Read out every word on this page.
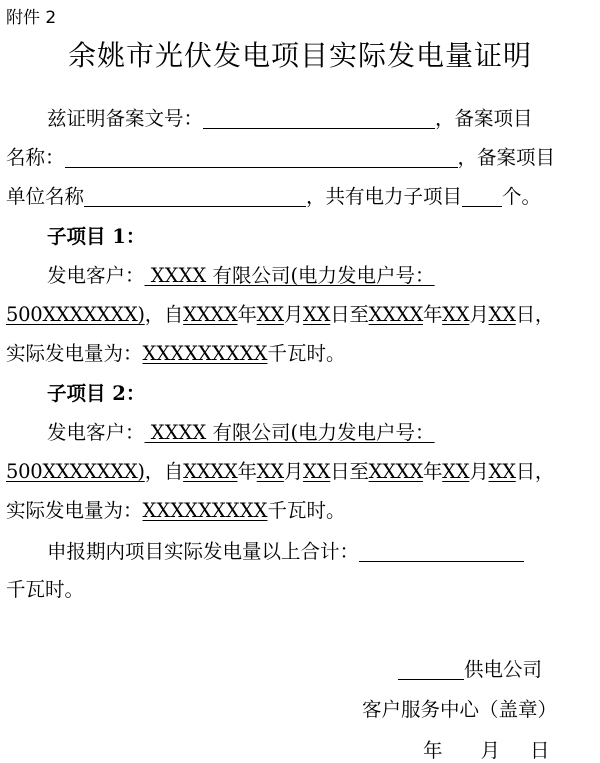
附件 2
余姚市光伏发电项目实际发电量证明
兹证明备案文号：	，备案项目
名称：	，备案项目
单位名称	，共有电力子项目 个。
子项目 1：
发电客户： XXXX 有限公司(电力发电户号：
500XXXXXXX)，自XXXX年XX月XX日至XXXX年XX月XX日，
实际发电量为：XXXXXXXXX千瓦时。
子项目 2：
发电客户： XXXX 有限公司(电力发电户号：
500XXXXXXX)，自XXXX年XX月XX日至XXXX年XX月XX日，
实际发电量为：XXXXXXXXX千瓦时。
申报期内项目实际发电量以上合计：
千瓦时。
供电公司
客户服务中心（盖章）
年 月 日
